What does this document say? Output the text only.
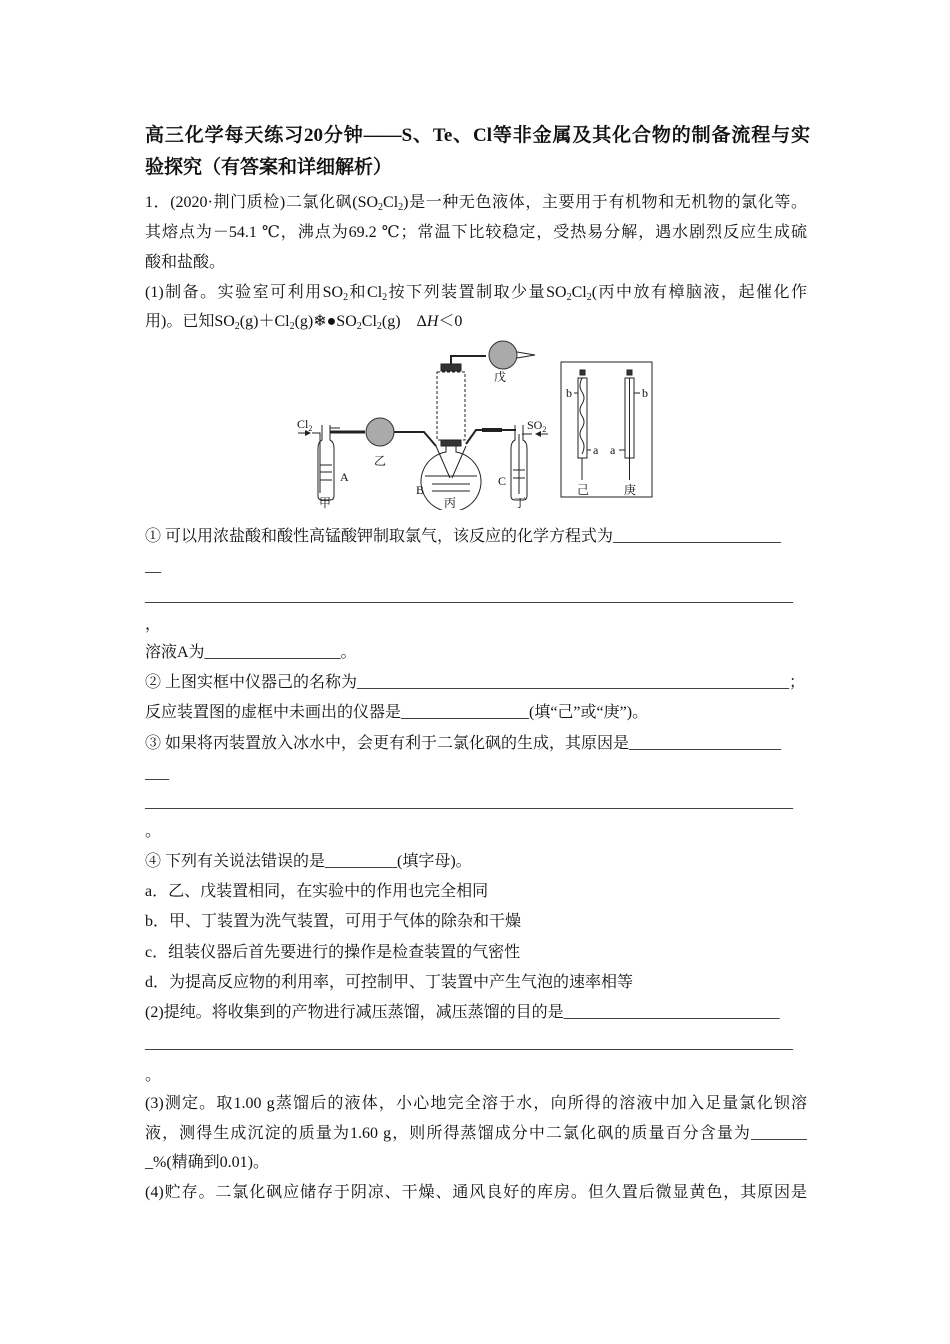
高三化学每天练习20分钟——S、Te、Cl等非金属及其化合物的制备流程与实
验探究（有答案和详细解析）
1．(2020·荆门质检)二氯化砜$(SO_2Cl_2)$是一种无色液体，主要用于有机物和无机物的氯化等。
其熔点为－54.1 ℃，沸点为69.2 ℃；常温下比较稳定，受热易分解，遇水剧烈反应生成硫
酸和盐酸。
(1)制备。实验室可利用$SO_2$和$Cl_2$按下列装置制取少量$SO_2Cl_2$(丙中放有樟脑液，起催化作
用)。已知$SO_2(g)+Cl_2(g)❄●SO_2Cl_2(g)$　ΔH＜0
$Cl_2$	$SO_2$
甲
乙
丙	丁
戊
己	庚
A
B
C
a
b
a
b
① 可以用浓盐酸和酸性高锰酸钾制取氯气，该反应的化学方程式为_____________________
__
_________________________________________________________________________________
，
溶液A为_________________。
② 上图实框中仪器己的名称为______________________________________________________；
反应装置图的虚框中未画出的仪器是________________(填“己”或“庚”)。
③ 如果将丙装置放入冰水中，会更有利于二氯化砜的生成，其原因是___________________
___
_________________________________________________________________________________
。
④ 下列有关说法错误的是_________(填字母)。
a．乙、戊装置相同，在实验中的作用也完全相同
b．甲、丁装置为洗气装置，可用于气体的除杂和干燥
c．组装仪器后首先要进行的操作是检查装置的气密性
d．为提高反应物的利用率，可控制甲、丁装置中产生气泡的速率相等
(2)提纯。将收集到的产物进行减压蒸馏，减压蒸馏的目的是___________________________
_________________________________________________________________________________
。
(3)测定。取1.00 g蒸馏后的液体，小心地完全溶于水，向所得的溶液中加入足量氯化钡溶
液，测得生成沉淀的质量为1.60 g，则所得蒸馏成分中二氯化砜的质量百分含量为_______
_%(精确到0.01)。
(4)贮存。二氯化砜应储存于阴凉、干燥、通风良好的库房。但久置后微显黄色，其原因是
